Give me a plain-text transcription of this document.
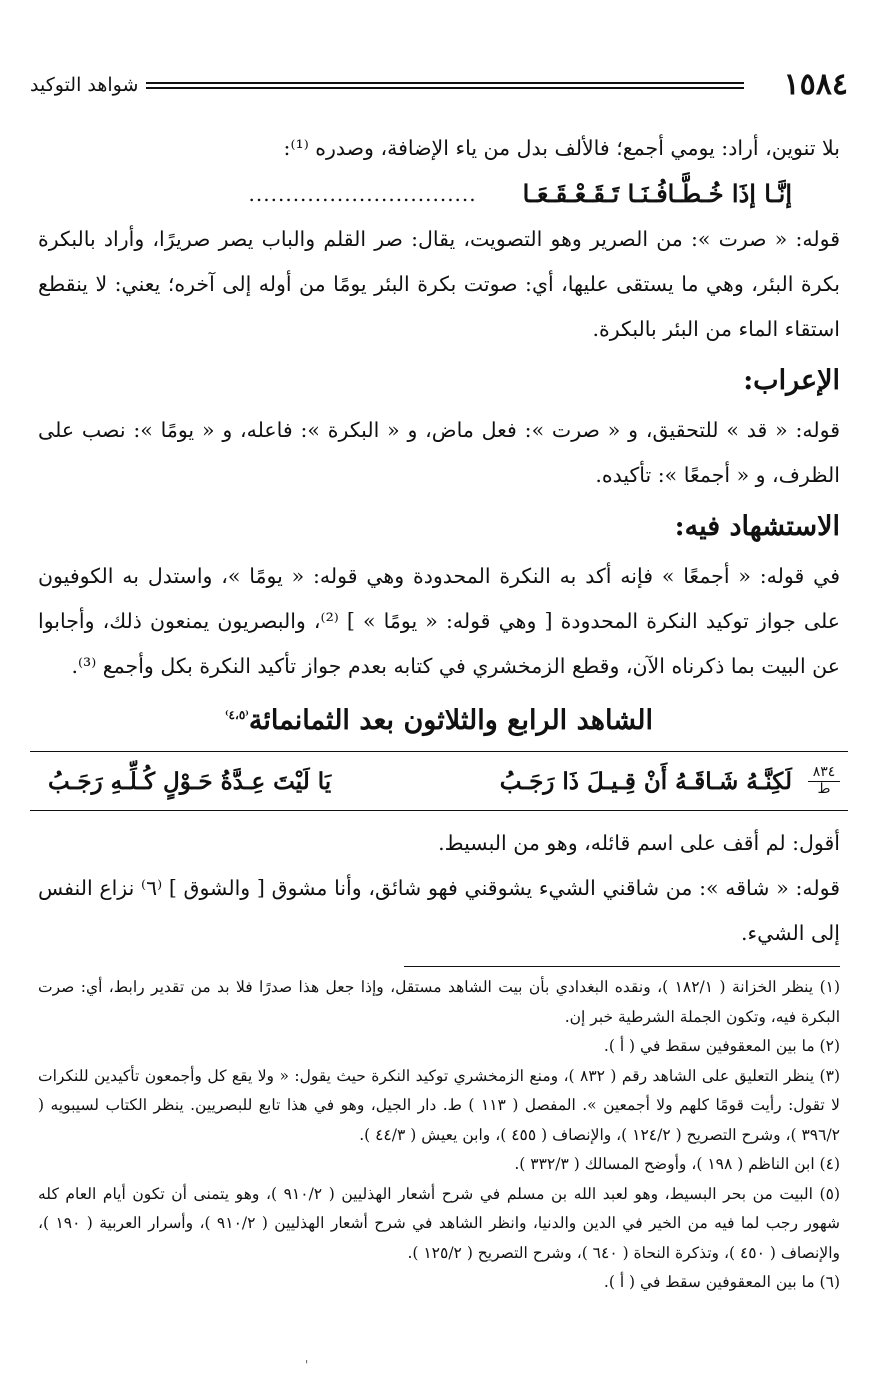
١٥٨٤
شواهد التوكيد

بلا تنوين، أراد: يومي أجمع؛ فالألف بدل من ياء الإضافة، وصدره ⁽¹⁾:

إنَّـا إذَا خُـطَّـافُـنَـا تَـقَـعْـقَـعَـا
...............................

قوله: « صرت »: من الصرير وهو التصويت، يقال: صر القلم والباب يصر صريرًا، وأراد بالبكرة بكرة البئر، وهي ما يستقى عليها، أي: صوتت بكرة البئر يومًا من أوله إلى آخره؛ يعني: لا ينقطع استقاء الماء من البئر بالبكرة.

الإعراب:

قوله: « قد » للتحقيق، و « صرت »: فعل ماض، و « البكرة »: فاعله، و « يومًا »: نصب على الظرف، و « أجمعًا »: تأكيده.

الاستشهاد فيه:

في قوله: « أجمعًا » فإنه أكد به النكرة المحدودة وهي قوله: « يومًا »، واستدل به الكوفيون على جواز توكيد النكرة المحدودة [ وهي قوله: « يومًا » ] ⁽²⁾، والبصريون يمنعون ذلك، وأجابوا عن البيت بما ذكرناه الآن، وقطع الزمخشري في كتابه بعدم جواز تأكيد النكرة بكل وأجمع ⁽³⁾.

الشاهد الرابع والثلاثون بعد الثمانمائة$^{^(٤،٥^)}$
٨٣٤
ط
لَكِنَّـهُ شَـاقَـهُ أَنْ قِـيـلَ ذَا رَجَـبُ
يَا لَيْتَ عِـدَّةُ حَـوْلٍ كُـلِّـهِ رَجَـبُ

أقول: لم أقف على اسم قائله، وهو من البسيط.

قوله: « شاقه »: من شاقني الشيء يشوقني فهو شائق، وأنا مشوق [ والشوق ] ⁽٦⁾ نزاع النفس إلى الشيء.

(١) ينظر الخزانة ( ١٨٢/١ )، ونقده البغدادي بأن بيت الشاهد مستقل، وإذا جعل هذا صدرًا فلا بد من تقدير رابط، أي: صرت البكرة فيه، وتكون الجملة الشرطية خبر إن.
(٢) ما بين المعقوفين سقط في ( أ ).
(٣) ينظر التعليق على الشاهد رقم ( ٨٣٢ )، ومنع الزمخشري توكيد النكرة حيث يقول: « ولا يقع كل وأجمعون تأكيدين للنكرات لا تقول: رأيت قومًا كلهم ولا أجمعين ». المفصل ( ١١٣ ) ط. دار الجيل، وهو في هذا تابع للبصريين. ينظر الكتاب لسيبويه ( ٣٩٦/٢ )، وشرح التصريح ( ١٢٤/٢ )، والإنصاف ( ٤٥٥ )، وابن يعيش ( ٤٤/٣ ).
(٤) ابن الناظم ( ١٩٨ )، وأوضح المسالك ( ٣٣٢/٣ ).
(٥) البيت من بحر البسيط، وهو لعبد الله بن مسلم في شرح أشعار الهذليين ( ٩١٠/٢ )، وهو يتمنى أن تكون أيام العام كله شهور رجب لما فيه من الخير في الدين والدنيا، وانظر الشاهد في شرح أشعار الهذليين ( ٩١٠/٢ )، وأسرار العربية ( ١٩٠ )، والإنصاف ( ٤٥٠ )، وتذكرة النحاة ( ٦٤٠ )، وشرح التصريح ( ١٢٥/٢ ).
(٦) ما بين المعقوفين سقط في ( أ ).
'
